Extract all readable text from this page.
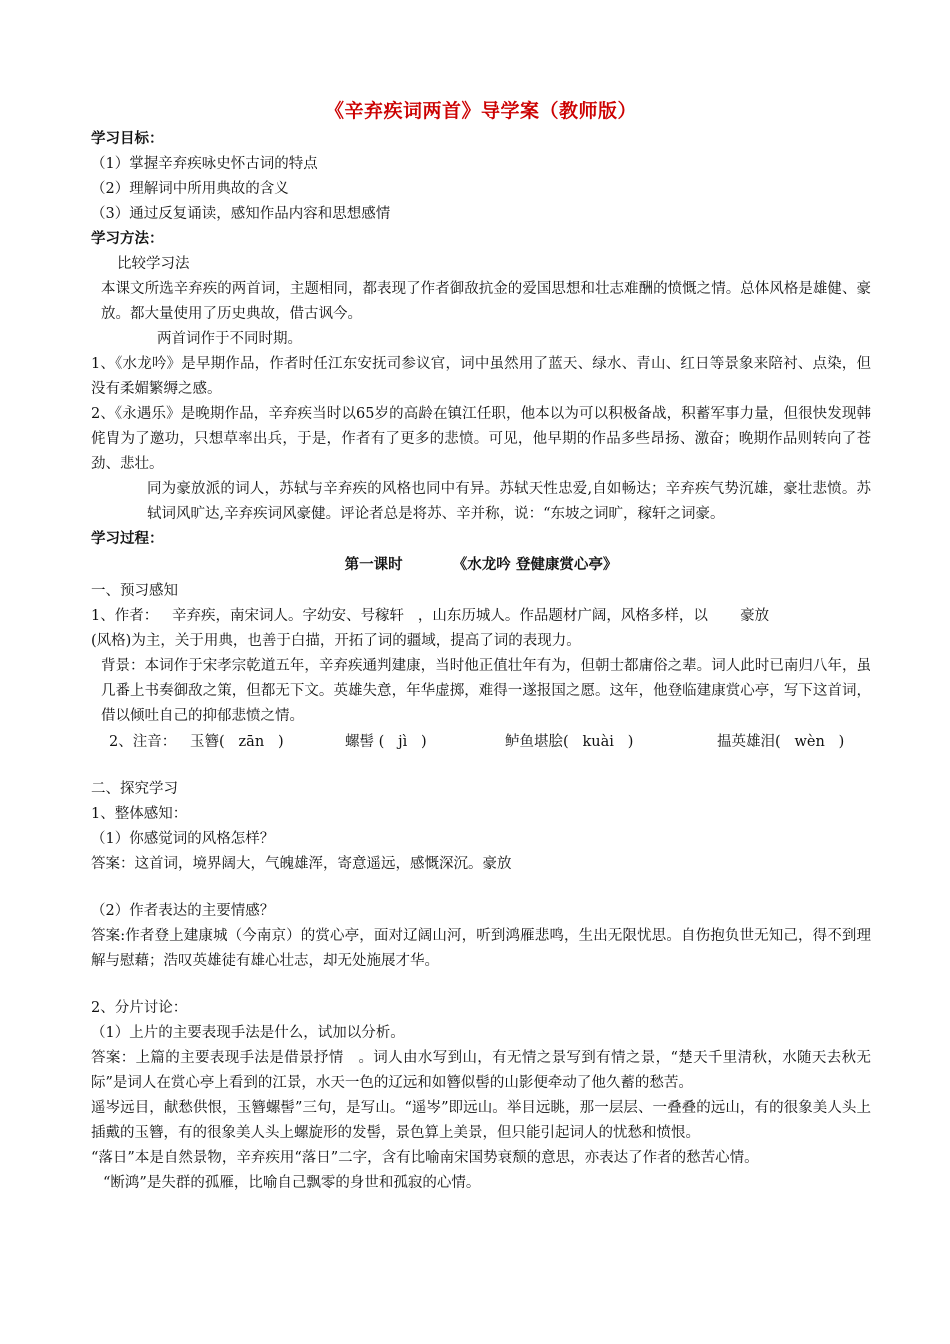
《辛弃疾词两首》导学案（教师版）
学习目标：
（1）掌握辛弃疾咏史怀古词的特点
（2）理解词中所用典故的含义
（3）通过反复诵读，感知作品内容和思想感情
学习方法：
比较学习法
本课文所选辛弃疾的两首词，主题相同，都表现了作者御敌抗金的爱国思想和壮志难酬的愤慨之情。总体风格是雄健、豪放。都大量使用了历史典故，借古讽今。
两首词作于不同时期。
1、《水龙吟》是早期作品，作者时任江东安抚司参议官，词中虽然用了蓝天、绿水、青山、红日等景象来陪衬、点染，但没有柔媚繁缛之感。
2、《永遇乐》是晚期作品，辛弃疾当时以65岁的高龄在镇江任职，他本以为可以积极备战，积蓄军事力量，但很快发现韩侂胄为了邀功，只想草率出兵，于是，作者有了更多的悲愤。可见，他早期的作品多些昂扬、激奋；晚期作品则转向了苍劲、悲壮。
同为豪放派的词人，苏轼与辛弃疾的风格也同中有异。苏轼天性忠爱,自如畅达；辛弃疾气势沉雄，豪壮悲愤。苏轼词风旷达,辛弃疾词风豪健。评论者总是将苏、辛并称，说：“东坡之词旷，稼轩之词豪。
学习过程：
第一课时	《水龙吟 登健康赏心亭》
一、预习感知
1、作者：   辛弃疾，南宋词人。字幼安、号稼轩   ，山东历城人。作品题材广阔，风格多样，以       豪放
(风格)为主，关于用典，也善于白描，开拓了词的疆域，提高了词的表现力。
背景：本词作于宋孝宗乾道五年，辛弃疾通判建康，当时他正值壮年有为，但朝士都庸俗之辈。词人此时已南归八年，虽几番上书奏御敌之策，但都无下文。英雄失意，年华虚掷，难得一遂报国之愿。这年，他登临建康赏心亭，写下这首词，借以倾吐自己的抑郁悲愤之情。
2、注音：   玉簪(   zān   )	螺髻 (   jì   )	鲈鱼堪脍(   kuài   )	揾英雄泪(   wèn   )
二、探究学习
1、整体感知：
（1）你感觉词的风格怎样？
答案：这首词，境界阔大，气魄雄浑，寄意遥远，感慨深沉。豪放
（2）作者表达的主要情感？
答案:作者登上建康城（今南京）的赏心亭，面对辽阔山河，听到鸿雁悲鸣，生出无限忧思。自伤抱负世无知己，得不到理解与慰藉；浩叹英雄徒有雄心壮志，却无处施展才华。
2、分片讨论：
（1）上片的主要表现手法是什么，试加以分析。
答案：上篇的主要表现手法是借景抒情   。词人由水写到山，有无情之景写到有情之景，“楚天千里清秋，水随天去秋无际”是词人在赏心亭上看到的江景，水天一色的辽远和如簪似髻的山影便牵动了他久蓄的愁苦。
遥岑远目，献愁供恨，玉簪螺髻”三句，是写山。“遥岑”即远山。举目远眺，那一层层、一叠叠的远山，有的很象美人头上插戴的玉簪，有的很象美人头上螺旋形的发髻，景色算上美景，但只能引起词人的忧愁和愤恨。
“落日”本是自然景物，辛弃疾用“落日”二字，含有比喻南宋国势衰颓的意思，亦表达了作者的愁苦心情。
“断鸿”是失群的孤雁，比喻自己飘零的身世和孤寂的心情。
